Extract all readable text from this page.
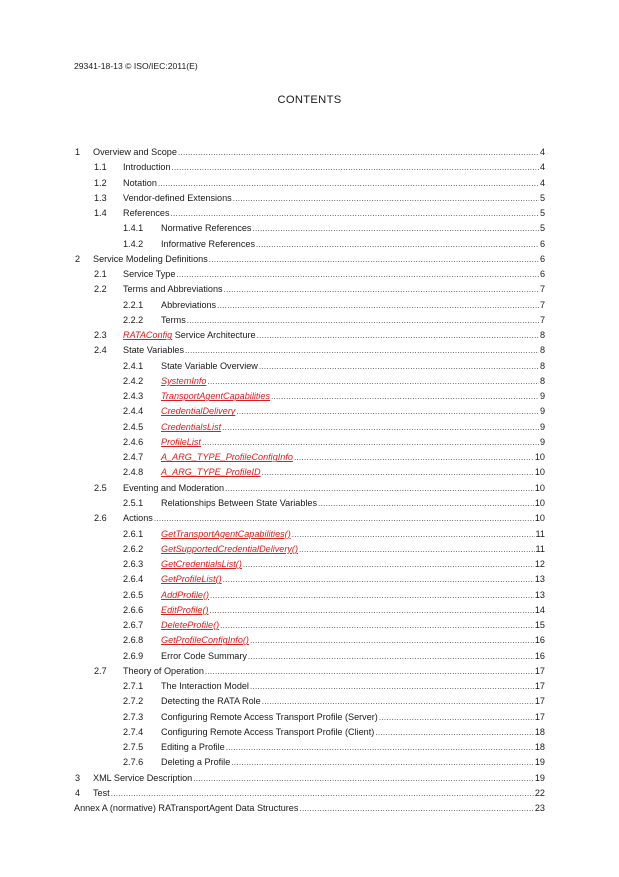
29341-18-13 © ISO/IEC:2011(E)
CONTENTS
1 Overview and Scope .....	4
1.1 Introduction .....	4
1.2 Notation .....	4
1.3 Vendor-defined Extensions .....	5
1.4 References .....	5
1.4.1 Normative References .....	5
1.4.2 Informative References .....	6
2 Service Modeling Definitions .....	6
2.1 Service Type .....	6
2.2 Terms and Abbreviations .....	7
2.2.1 Abbreviations .....	7
2.2.2 Terms .....	7
2.3 RATAConfig Service Architecture .....	8
2.4 State Variables .....	8
2.4.1 State Variable Overview .....	8
2.4.2 SystemInfo .....	8
2.4.3 TransportAgentCapabilities .....	9
2.4.4 CredentialDelivery .....	9
2.4.5 CredentialsList .....	9
2.4.6 ProfileList .....	9
2.4.7 A_ARG_TYPE_ProfileConfigInfo .....	10
2.4.8 A_ARG_TYPE_ProfileID .....	10
2.5 Eventing and Moderation .....	10
2.5.1 Relationships Between State Variables .....	10
2.6 Actions .....	10
2.6.1 GetTransportAgentCapabilities() .....	11
2.6.2 GetSupportedCredentialDelivery() .....	11
2.6.3 GetCredentialsList() .....	12
2.6.4 GetProfileList() .....	13
2.6.5 AddProfile() .....	13
2.6.6 EditProfile() .....	14
2.6.7 DeleteProfile() .....	15
2.6.8 GetProfileConfigInfo() .....	16
2.6.9 Error Code Summary .....	16
2.7 Theory of Operation .....	17
2.7.1 The Interaction Model .....	17
2.7.2 Detecting the RATA Role .....	17
2.7.3 Configuring Remote Access Transport Profile (Server) .....	17
2.7.4 Configuring Remote Access Transport Profile (Client) .....	18
2.7.5 Editing a Profile .....	18
2.7.6 Deleting a Profile .....	19
3 XML Service Description .....	19
4 Test .....	22
Annex A (normative) RATransportAgent Data Structures .....	23
